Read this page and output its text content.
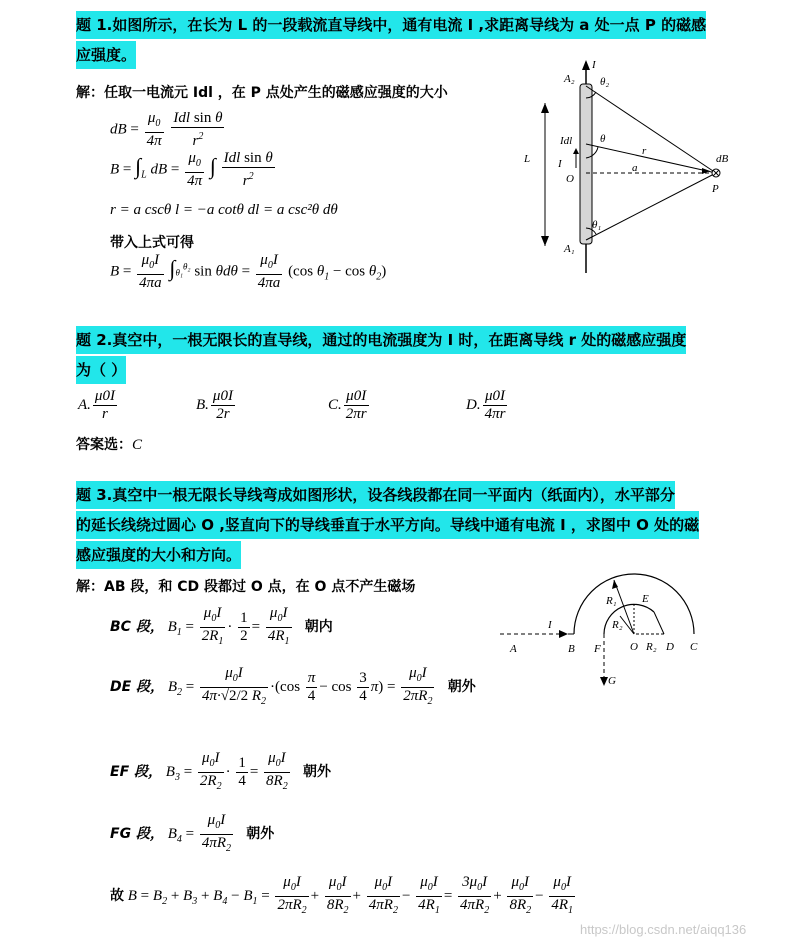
题 1.如图所示，在长为 L 的一段载流直导线中，通有电流 I ,求距离导线为 a 处一点 P 的磁感
应强度。
解：任取一电流元 Idl ，在 P 点处产生的磁感应强度的大小
dB = $\frac{\mu_0}{4\pi}$
$\frac{\text{Idl sin θ}}{r^2}$
$B = \int_L$ dB = $\frac{\mu_0}{4\pi}$ ∫ $\frac{\text{Idl sin θ}}{r^2}$
r = a cscθ l = −a cotθ dl = a csc²θ dθ
带入上式可得
$B = \frac{\mu_0I}{4\pi a} \int\theta_1^{\theta_2}$ $\sin \theta d\theta = \frac{\mu_0I}{4\pi a} (\cos$ $\theta_1 - \cos \theta_2$)
L
I
A₂ θ₂
Idl	θ
r
dB
I
O
a
P
θ₁
A₁
题 2.真空中，一根无限长的直导线，通过的电流强度为 I 时，在距离导线 r 处的磁感应强度
为（ ）
A. $\frac{\mu 0I}{r}$	B. $\frac{\mu 0I}{2r}$	C. $\frac{\mu 0I}{2\pi r}$	D. $\frac{\mu 0I}{4\pi r}$
答案选：C
题 3.真空中一根无限长导线弯成如图形状，设各线段都在同一平面内（纸面内），水平部分
的延长线绕过圆心 O ,竖直向下的导线垂直于水平方向。导线中通有电流 I ，求图中 O 处的磁
感应强度的大小和方向。
解：AB 段，和 CD 段都过 O 点，在 O 点不产生磁场
BC 段， $B_1 = \frac{\mu_0I}{2R_1} \cdot \frac{1}{2} = \frac{\mu_0I}{4R_1}$ 朝内
DE 段， $B_2 = \frac{\mu_0I}{4\pi\cdot√2/2 R_2} \cdot(\cos \frac{\pi}{4} - \cos \frac{3}{4} \pi) = \frac{\mu_0I}{2\pi R_2}$ 朝外
EF 段， $B_3 = \frac{\mu_0I}{2R_2} \cdot \frac{1}{4} = \frac{\mu_0I}{8R_2}$ 朝外
FG 段， $B_4 = \frac{\mu_0I}{4\pi R_2}$ 朝外
故 $B = B_2 + B_3 + B_4 - B_1 = \frac{\mu_0I}{2\pi R_2} + \frac{\mu_0I}{8R_2} + \frac{\mu_0I}{4\pi R_2} - \frac{\mu_0I}{4R_1} = \frac{3\mu_0I}{4\pi R_2} + \frac{\mu_0I}{8R_2} - \frac{\mu_0I}{4R_1}$
I
A	B	C
D
E
F
G
O
R₁
R₂
R₂
https://blog.csdn.net/aiqq136
